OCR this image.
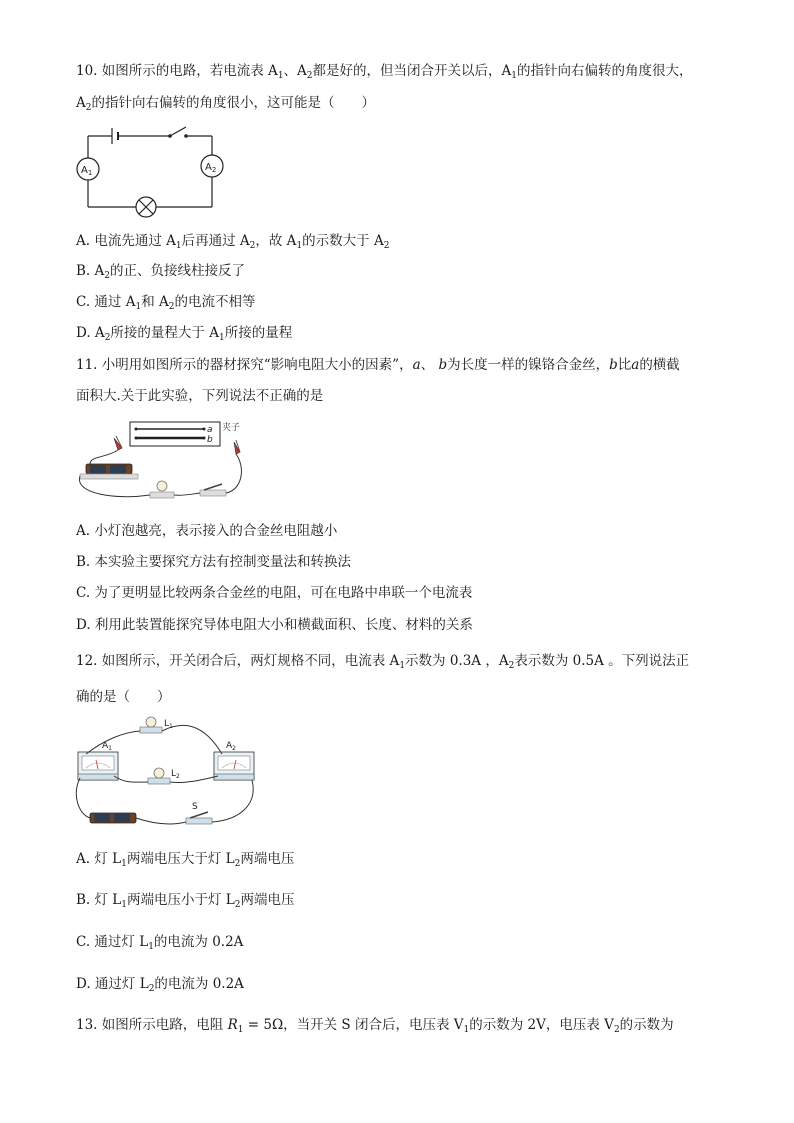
10. 如图所示的电路，若电流表 $A_1$、$A_2$都是好的，但当闭合开关以后，$A_1$的指针向右偏转的角度很大，
$A_2$的指针向右偏转的角度很小，这可能是（　　）
$A_1$	$A_2$
A. 电流先通过 $A_1$后再通过 $A_2$，故 $A_1$的示数大于 $A_2$
B. $A_2$的正、负接线柱接反了
C. 通过 $A_1$和 $A_2$的电流不相等
D. $A_2$所接的量程大于 $A_1$所接的量程
11. 小明用如图所示的器材探究“影响电阻大小的因素”，a、 b为长度一样的镍铬合金丝，b比a的横截
面积大.关于此实验，下列说法不正确的是
a
b
夹子
A. 小灯泡越亮，表示接入的合金丝电阻越小
B. 本实验主要探究方法有控制变量法和转换法
C. 为了更明显比较两条合金丝的电阻，可在电路中串联一个电流表
D. 利用此装置能探究导体电阻大小和横截面积、长度、材料的关系
12. 如图所示，开关闭合后，两灯规格不同，电流表 $A_1$示数为 0.3A ，$A_2$表示数为 0.5A 。下列说法正
确的是（　　）
$L_1$
$L_2$
$A_1$	$A_2$
S
A. 灯 $L_1$两端电压大于灯 $L_2$两端电压
B. 灯 $L_1$两端电压小于灯 $L_2$两端电压
C. 通过灯 $L_1$的电流为 0.2A
D. 通过灯 $L_2$的电流为 0.2A
13. 如图所示电路，电阻 $R_1 = 5\Omega$，当开关 S 闭合后，电压表 $V_1$的示数为 2V，电压表 $V_2$的示数为
